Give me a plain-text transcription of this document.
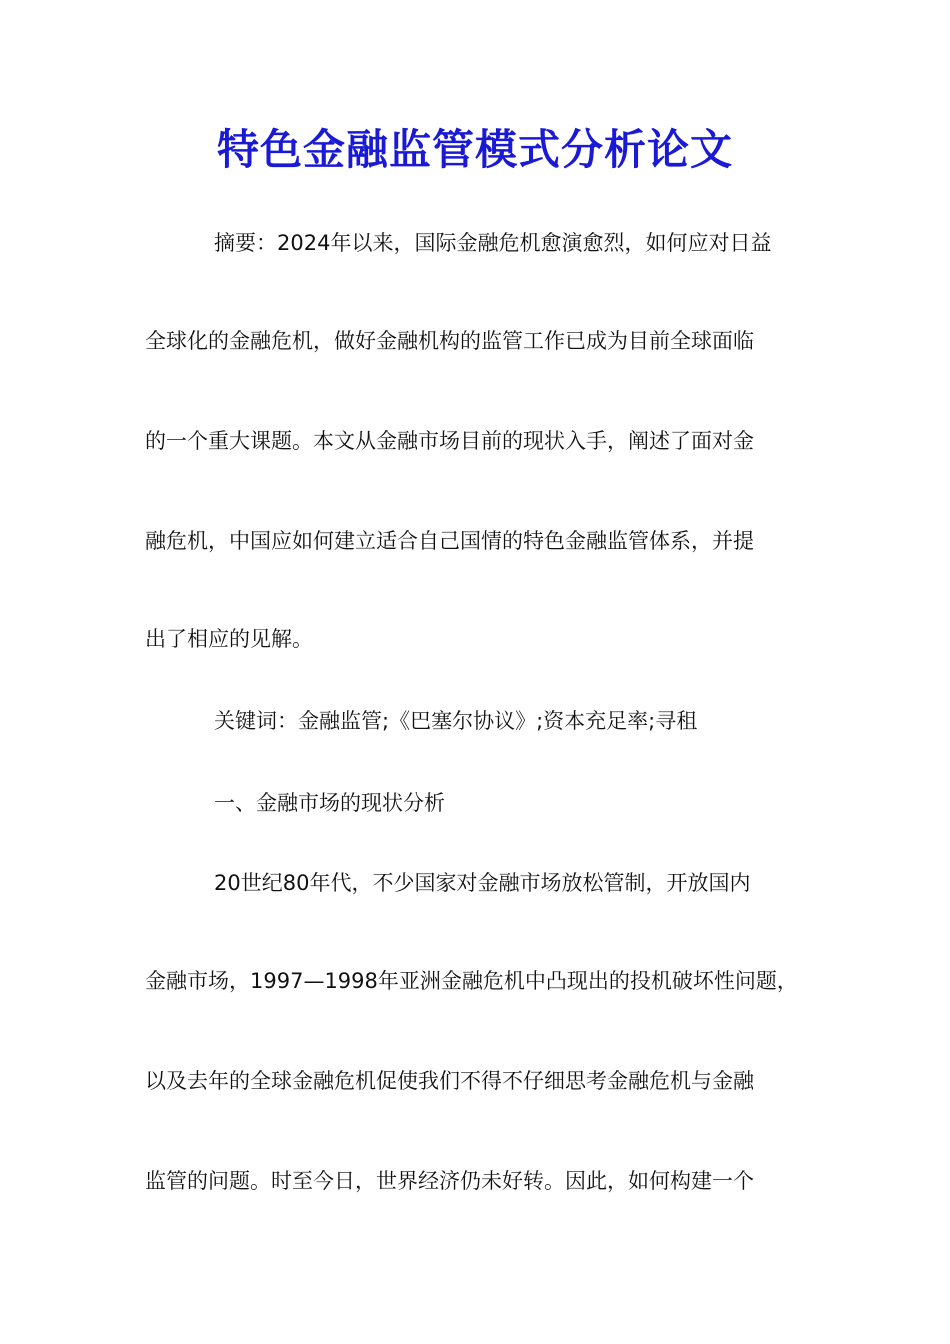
特色金融监管模式分析论文
摘要：2024年以来，国际金融危机愈演愈烈，如何应对日益
全球化的金融危机，做好金融机构的监管工作已成为目前全球面临
的一个重大课题。本文从金融市场目前的现状入手，阐述了面对金
融危机，中国应如何建立适合自己国情的特色金融监管体系，并提
出了相应的见解。
关键词：金融监管;《巴塞尔协议》;资本充足率;寻租
一、金融市场的现状分析
20世纪80年代，不少国家对金融市场放松管制，开放国内
金融市场，1997—1998年亚洲金融危机中凸现出的投机破坏性问题，
以及去年的全球金融危机促使我们不得不仔细思考金融危机与金融
监管的问题。时至今日，世界经济仍未好转。因此，如何构建一个
